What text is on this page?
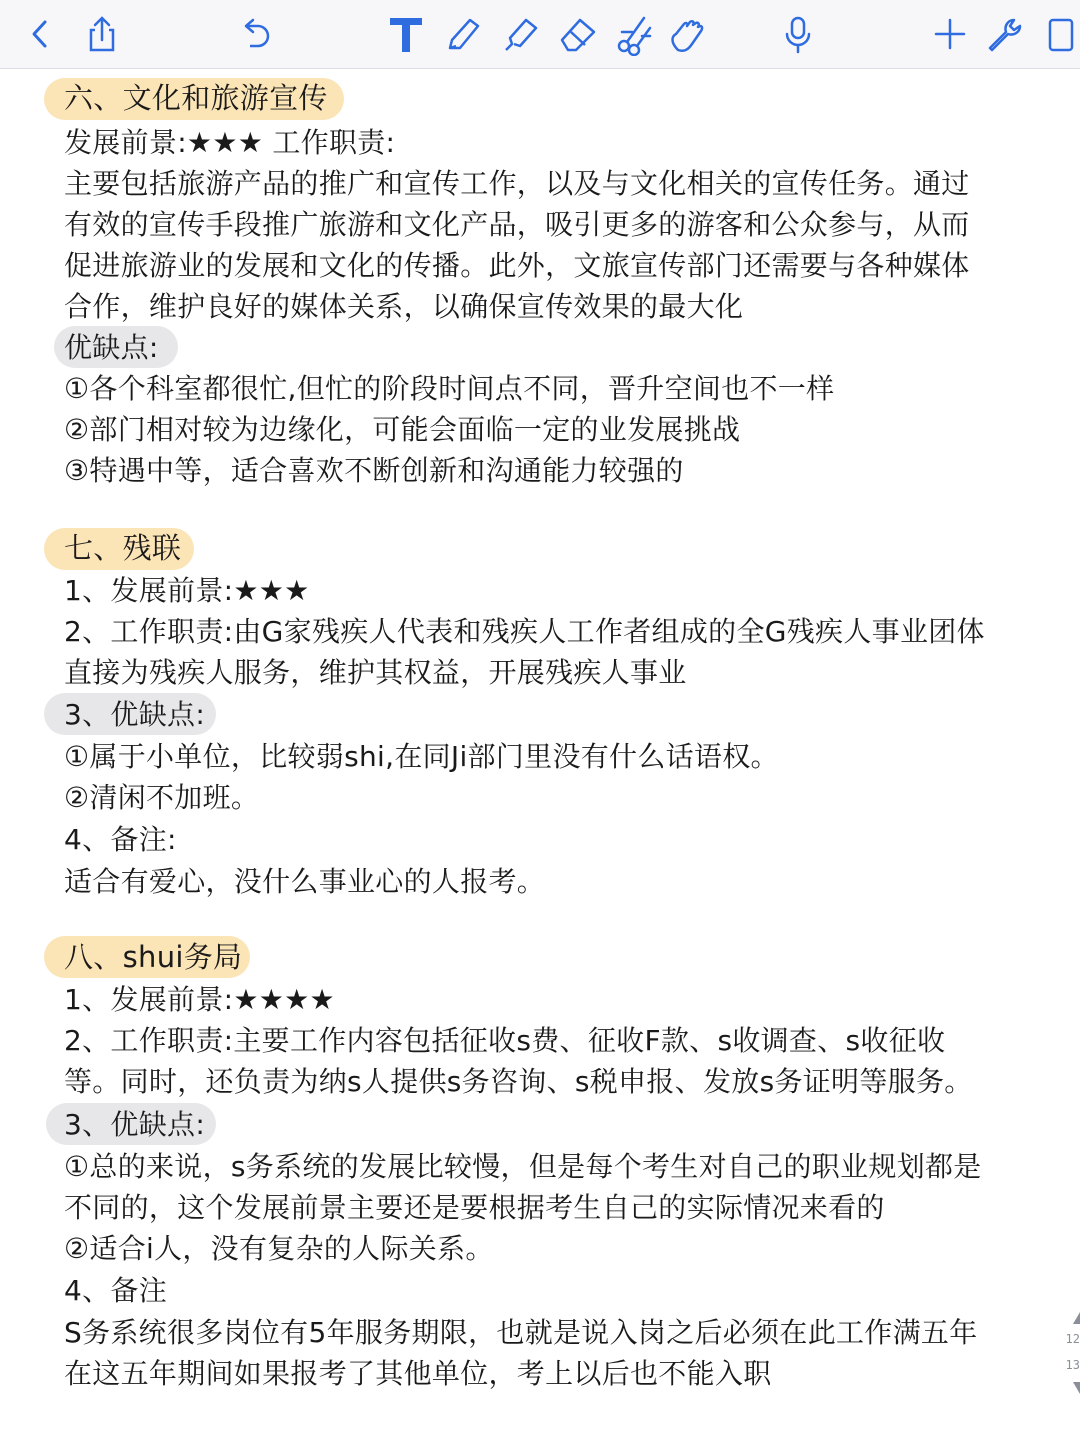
六、文化和旅游宣传
发展前景:★★★ 工作职责:
主要包括旅游产品的推广和宣传工作，以及与文化相关的宣传任务。通过
有效的宣传手段推广旅游和文化产品，吸引更多的游客和公众参与，从而
促进旅游业的发展和文化的传播。此外，文旅宣传部门还需要与各种媒体
合作，维护良好的媒体关系，以确保宣传效果的最大化
优缺点:
①各个科室都很忙,但忙的阶段时间点不同，晋升空间也不一样
②部门相对较为边缘化，可能会面临一定的业发展挑战
③特遇中等，适合喜欢不断创新和沟通能力较强的
七、残联
1、发展前景:★★★
2、工作职责:由G家残疾人代表和残疾人工作者组成的全G残疾人事业团体
直接为残疾人服务，维护其权益，开展残疾人事业
3、优缺点:
①属于小单位，比较弱shi,在同Ji部门里没有什么话语权。
②清闲不加班。
4、备注:
适合有爱心，没什么事业心的人报考。
八、shui务局
1、发展前景:★★★★
2、工作职责:主要工作内容包括征收s费、征收F款、s收调查、s收征收
等。同时，还负责为纳s人提供s务咨询、s税申报、发放s务证明等服务。
3、优缺点:
①总的来说，s务系统的发展比较慢，但是每个考生对自己的职业规划都是
不同的，这个发展前景主要还是要根据考生自己的实际情况来看的
②适合i人，没有复杂的人际关系。
4、备注
S务系统很多岗位有5年服务期限，也就是说入岗之后必须在此工作满五年
在这五年期间如果报考了其他单位，考上以后也不能入职
12
13
